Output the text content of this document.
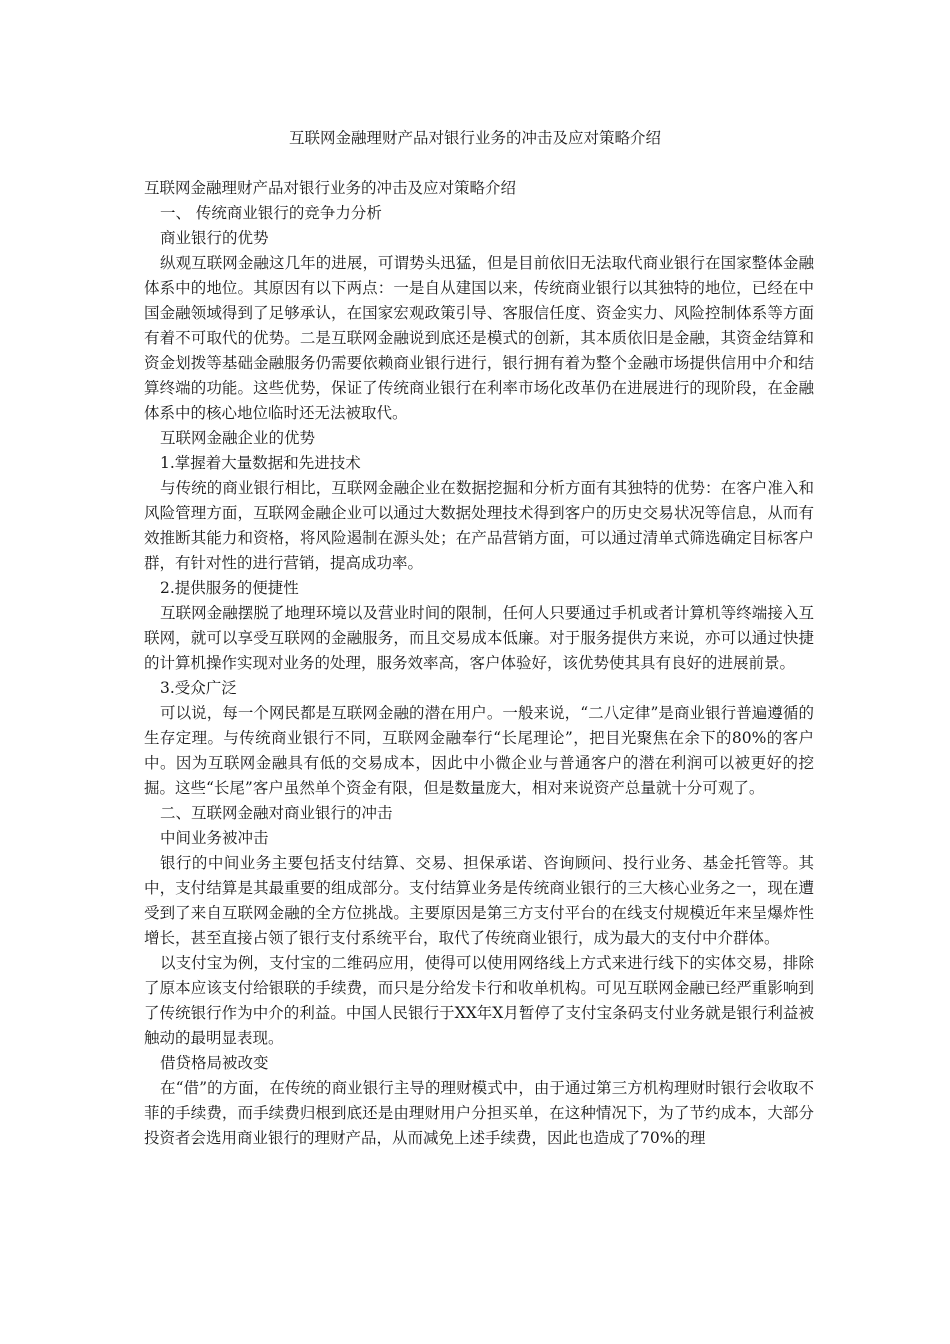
互联网金融理财产品对银行业务的冲击及应对策略介绍

互联网金融理财产品对银行业务的冲击及应对策略介绍

一、 传统商业银行的竞争力分析

商业银行的优势

纵观互联网金融这几年的进展，可谓势头迅猛，但是目前依旧无法取代商业银行在国家整体金融体系中的地位。其原因有以下两点：一是自从建国以来，传统商业银行以其独特的地位，已经在中国金融领域得到了足够承认，在国家宏观政策引导、客服信任度、资金实力、风险控制体系等方面有着不可取代的优势。二是互联网金融说到底还是模式的创新，其本质依旧是金融，其资金结算和资金划拨等基础金融服务仍需要依赖商业银行进行，银行拥有着为整个金融市场提供信用中介和结算终端的功能。这些优势，保证了传统商业银行在利率市场化改革仍在进展进行的现阶段，在金融体系中的核心地位临时还无法被取代。

互联网金融企业的优势

1.掌握着大量数据和先进技术

与传统的商业银行相比，互联网金融企业在数据挖掘和分析方面有其独特的优势：在客户准入和风险管理方面，互联网金融企业可以通过大数据处理技术得到客户的历史交易状况等信息，从而有效推断其能力和资格，将风险遏制在源头处；在产品营销方面，可以通过清单式筛选确定目标客户群，有针对性的进行营销，提高成功率。

2.提供服务的便捷性

互联网金融摆脱了地理环境以及营业时间的限制，任何人只要通过手机或者计算机等终端接入互联网，就可以享受互联网的金融服务，而且交易成本低廉。对于服务提供方来说，亦可以通过快捷的计算机操作实现对业务的处理，服务效率高，客户体验好，该优势使其具有良好的进展前景。

3.受众广泛

可以说，每一个网民都是互联网金融的潜在用户。一般来说，“二八定律”是商业银行普遍遵循的生存定理。与传统商业银行不同，互联网金融奉行“长尾理论”，把目光聚焦在余下的80%的客户中。因为互联网金融具有低的交易成本，因此中小微企业与普通客户的潜在利润可以被更好的挖掘。这些“长尾”客户虽然单个资金有限，但是数量庞大，相对来说资产总量就十分可观了。

二、互联网金融对商业银行的冲击

中间业务被冲击

银行的中间业务主要包括支付结算、交易、担保承诺、咨询顾问、投行业务、基金托管等。其中，支付结算是其最重要的组成部分。支付结算业务是传统商业银行的三大核心业务之一，现在遭受到了来自互联网金融的全方位挑战。主要原因是第三方支付平台的在线支付规模近年来呈爆炸性增长，甚至直接占领了银行支付系统平台，取代了传统商业银行，成为最大的支付中介群体。

以支付宝为例，支付宝的二维码应用，使得可以使用网络线上方式来进行线下的实体交易，排除了原本应该支付给银联的手续费，而只是分给发卡行和收单机构。可见互联网金融已经严重影响到了传统银行作为中介的利益。中国人民银行于XX年X月暂停了支付宝条码支付业务就是银行利益被触动的最明显表现。

借贷格局被改变

在“借”的方面，在传统的商业银行主导的理财模式中，由于通过第三方机构理财时银行会收取不菲的手续费，而手续费归根到底还是由理财用户分担买单，在这种情况下，为了节约成本，大部分投资者会选用商业银行的理财产品，从而减免上述手续费，因此也造成了70%的理
